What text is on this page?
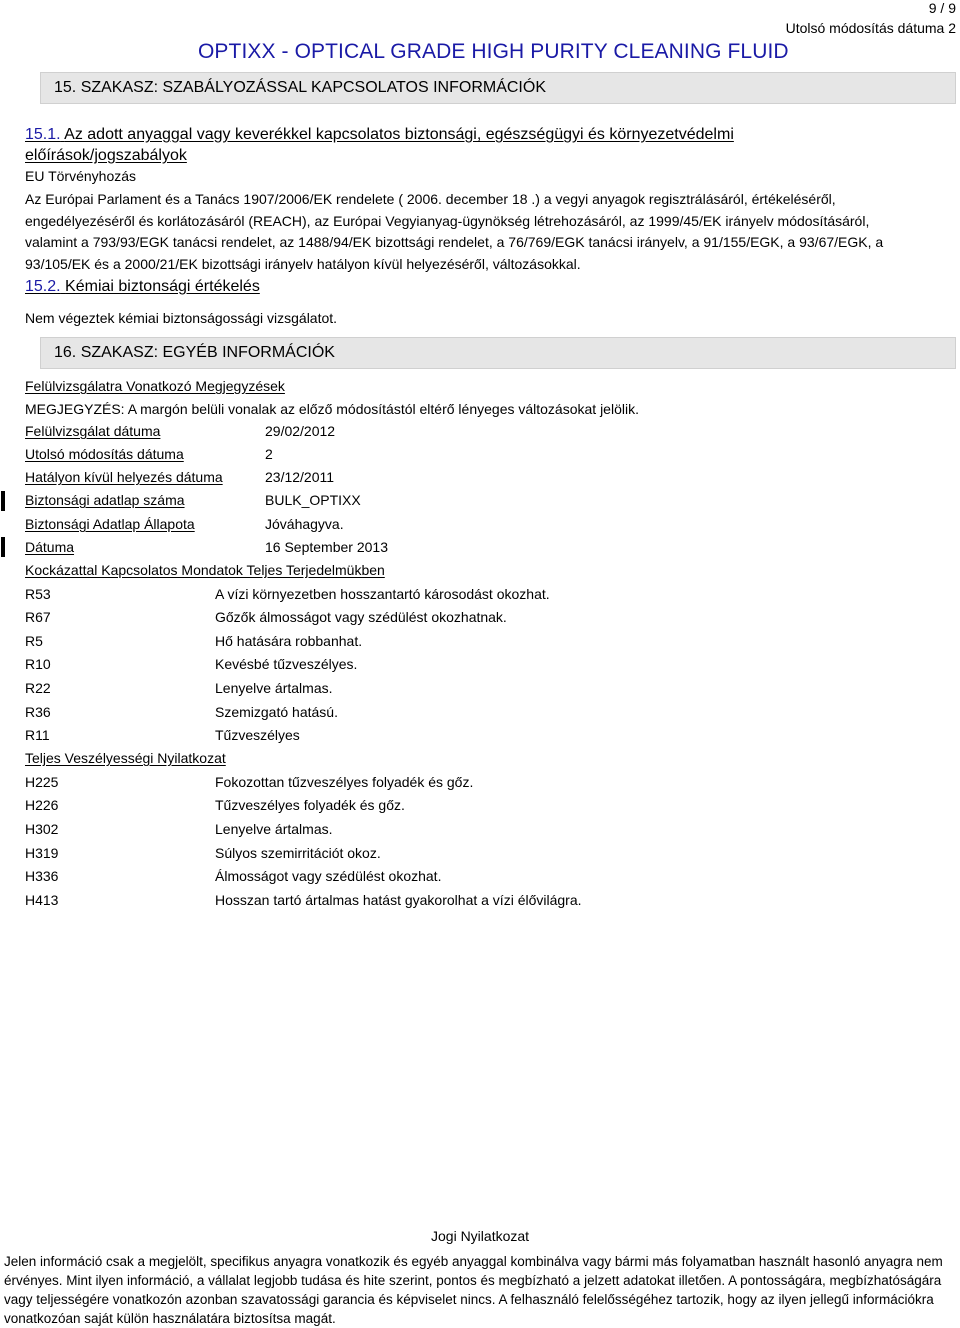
9 / 9
Utolsó módosítás dátuma 2
OPTIXX - OPTICAL GRADE HIGH PURITY CLEANING FLUID
15. SZAKASZ: SZABÁLYOZÁSSAL KAPCSOLATOS INFORMÁCIÓK
15.1. Az adott anyaggal vagy keverékkel kapcsolatos biztonsági, egészségügyi és környezetvédelmi
előírások/jogszabályok
EU Törvényhozás
Az Európai Parlament és a Tanács 1907/2006/EK rendelete ( 2006. december 18 .) a vegyi anyagok regisztrálásáról, értékeléséről, engedélyezéséről és korlátozásáról (REACH), az Európai Vegyianyag-ügynökség létrehozásáról, az 1999/45/EK irányelv módosításáról, valamint a 793/93/EGK tanácsi rendelet, az 1488/94/EK bizottsági rendelet, a 76/769/EGK tanácsi irányelv, a 91/155/EGK, a 93/67/EGK, a 93/105/EK és a 2000/21/EK bizottsági irányelv hatályon kívül helyezéséről, változásokkal.
15.2. Kémiai biztonsági értékelés
Nem végeztek kémiai biztonságossági vizsgálatot.
16. SZAKASZ: EGYÉB INFORMÁCIÓK
Felülvizsgálatra Vonatkozó Megjegyzések
MEGJEGYZÉS: A margón belüli vonalak az előző módosítástól eltérő lényeges változásokat jelölik.
Felülvizsgálat dátuma	29/02/2012
Utolsó módosítás dátuma	2
Hatályon kívül helyezés dátuma	23/12/2011
Biztonsági adatlap száma	BULK_OPTIXX
Biztonsági Adatlap Állapota	Jóváhagyva.
Dátuma	16 September 2013
Kockázattal Kapcsolatos Mondatok Teljes Terjedelmükben
R53	A vízi környezetben hosszantartó károsodást okozhat.
R67	Gőzők álmosságot vagy szédülést okozhatnak.
R5	Hő hatására robbanhat.
R10	Kevésbé tűzveszélyes.
R22	Lenyelve ártalmas.
R36	Szemizgató hatású.
R11	Tűzveszélyes
Teljes Veszélyességi Nyilatkozat
H225	Fokozottan tűzveszélyes folyadék és gőz.
H226	Tűzveszélyes folyadék és gőz.
H302	Lenyelve ártalmas.
H319	Súlyos szemirritációt okoz.
H336	Álmosságot vagy szédülést okozhat.
H413	Hosszan tartó ártalmas hatást gyakorolhat a vízi élővilágra.
Jogi Nyilatkozat
Jelen információ csak a megjelölt, specifikus anyagra vonatkozik és egyéb anyaggal kombinálva vagy bármi más folyamatban használt hasonló anyagra nem érvényes. Mint ilyen információ, a vállalat legjobb tudása és hite szerint, pontos és megbízható a jelzett adatokat illetően. A pontosságára, megbízhatóságára vagy teljességére vonatkozón azonban szavatossági garancia és képviselet nincs. A felhasználó felelősségéhez tartozik, hogy az ilyen jellegű információkra vonatkozóan saját külön használatára biztosítsa magát.
